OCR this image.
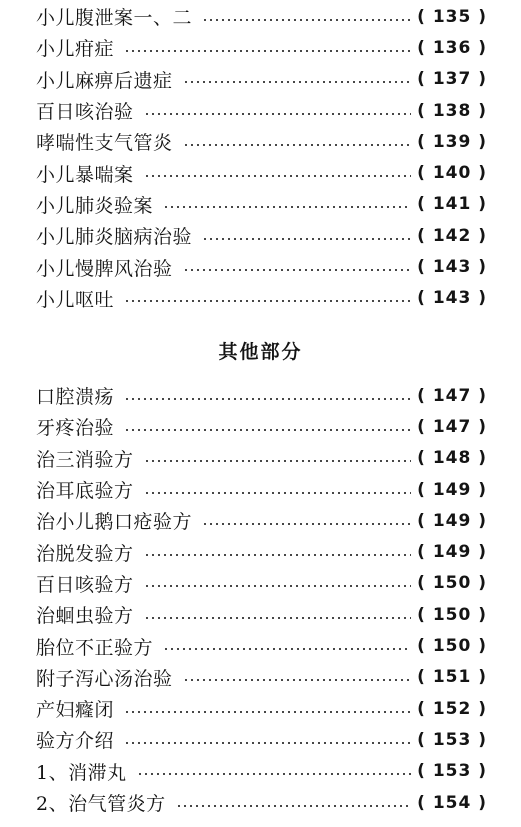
小儿腹泄案一、二	( 135 )
小儿疳症	( 136 )
小儿麻痹后遗症	( 137 )
百日咳治验	( 138 )
哮喘性支气管炎	( 139 )
小儿暴喘案	( 140 )
小儿肺炎验案	( 141 )
小儿肺炎脑病治验	( 142 )
小儿慢脾风治验	( 143 )
小儿呕吐	( 143 )
其他部分
口腔溃疡	( 147 )
牙疼治验	( 147 )
治三消验方	( 148 )
治耳底验方	( 149 )
治小儿鹅口疮验方	( 149 )
治脱发验方	( 149 )
百日咳验方	( 150 )
治蛔虫验方	( 150 )
胎位不正验方	( 150 )
附子泻心汤治验	( 151 )
产妇癃闭	( 152 )
验方介绍	( 153 )
1、消滞丸	( 153 )
2、治气管炎方	( 154 )
